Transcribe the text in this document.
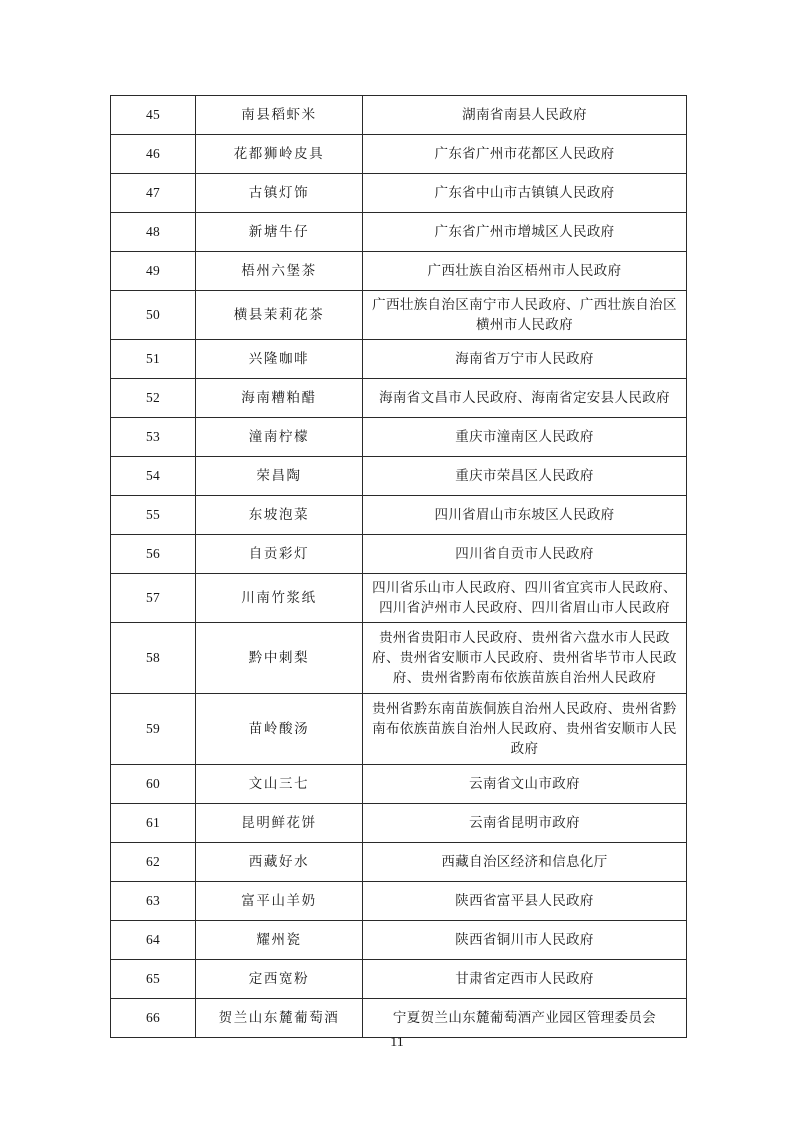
45	南县稻虾米	湖南省南县人民政府
46	花都狮岭皮具	广东省广州市花都区人民政府
47	古镇灯饰	广东省中山市古镇镇人民政府
48	新塘牛仔	广东省广州市增城区人民政府
49	梧州六堡茶	广西壮族自治区梧州市人民政府
50	横县茉莉花茶	广西壮族自治区南宁市人民政府、广西壮族自治区横州市人民政府
51	兴隆咖啡	海南省万宁市人民政府
52	海南糟粕醋	海南省文昌市人民政府、海南省定安县人民政府
53	潼南柠檬	重庆市潼南区人民政府
54	荣昌陶	重庆市荣昌区人民政府
55	东坡泡菜	四川省眉山市东坡区人民政府
56	自贡彩灯	四川省自贡市人民政府
57	川南竹浆纸	四川省乐山市人民政府、四川省宜宾市人民政府、四川省泸州市人民政府、四川省眉山市人民政府
58	黔中刺梨	贵州省贵阳市人民政府、贵州省六盘水市人民政府、贵州省安顺市人民政府、贵州省毕节市人民政府、贵州省黔南布依族苗族自治州人民政府
59	苗岭酸汤	贵州省黔东南苗族侗族自治州人民政府、贵州省黔南布依族苗族自治州人民政府、贵州省安顺市人民政府
60	文山三七	云南省文山市政府
61	昆明鲜花饼	云南省昆明市政府
62	西藏好水	西藏自治区经济和信息化厅
63	富平山羊奶	陕西省富平县人民政府
64	耀州瓷	陕西省铜川市人民政府
65	定西宽粉	甘肃省定西市人民政府
66	贺兰山东麓葡萄酒	宁夏贺兰山东麓葡萄酒产业园区管理委员会
11
